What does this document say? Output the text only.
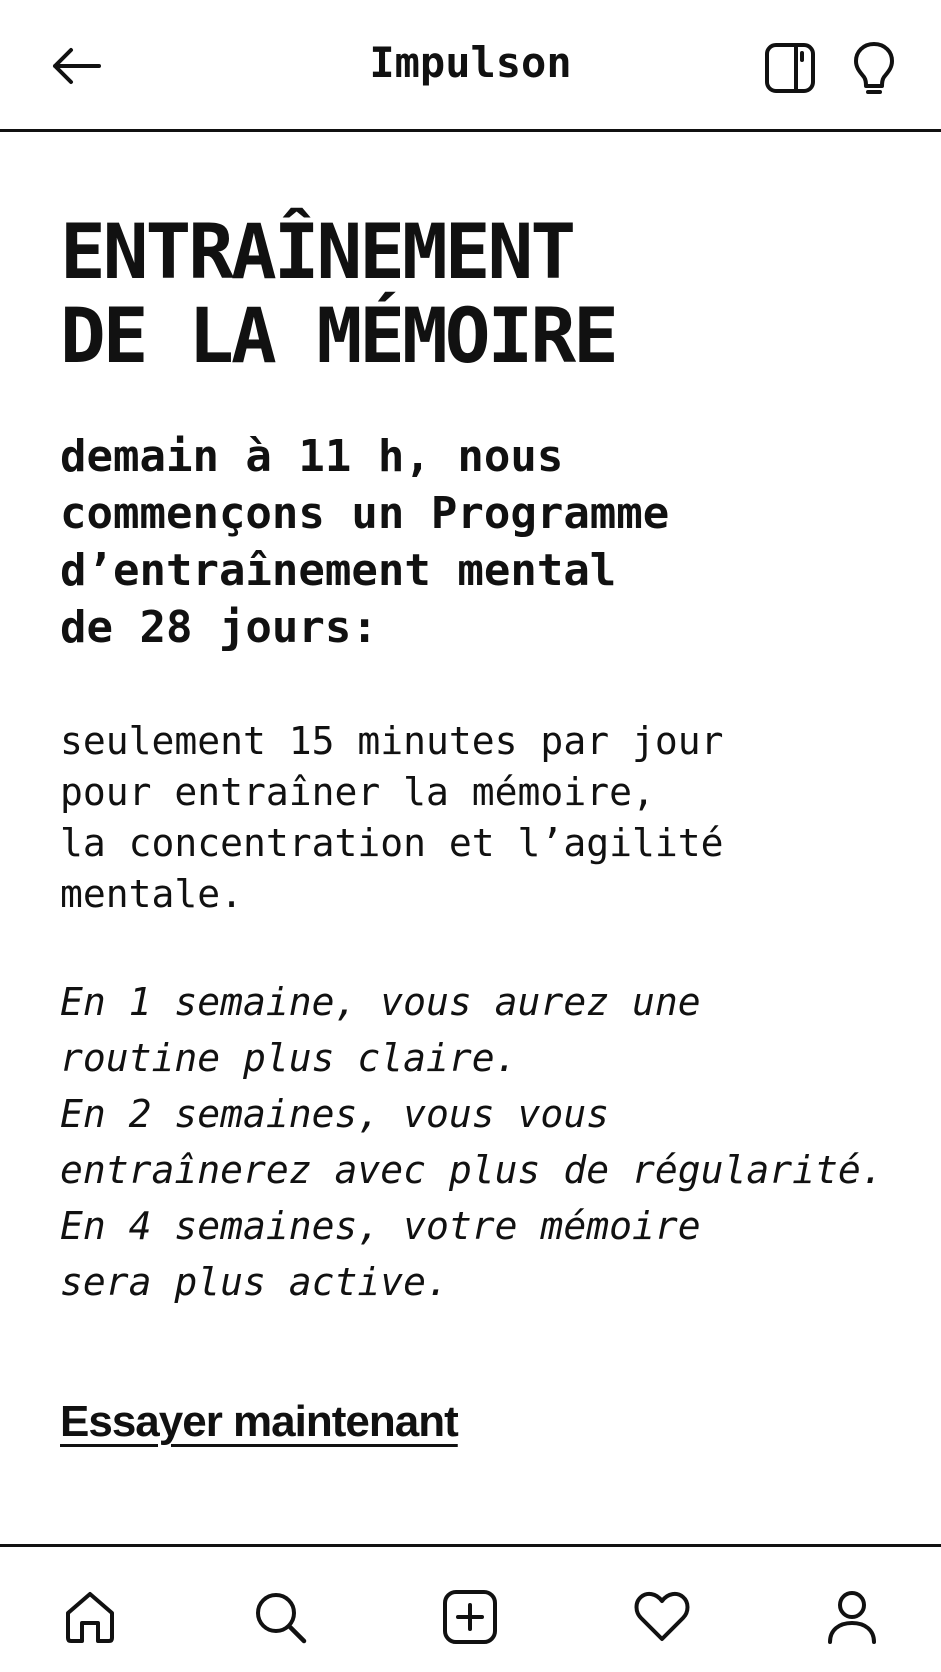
Impulson
ENTRAÎNEMENT
DE LA MÉMOIRE

demain à 11 h, nous
commençons un Programme
d’entraînement mental
de 28 jours:

seulement 15 minutes par jour
pour entraîner la mémoire,
la concentration et l’agilité
mentale.

En 1 semaine, vous aurez une
routine plus claire.
En 2 semaines, vous vous
entraînerez avec plus de régularité.
En 4 semaines, votre mémoire
sera plus active.

Essayer maintenant
